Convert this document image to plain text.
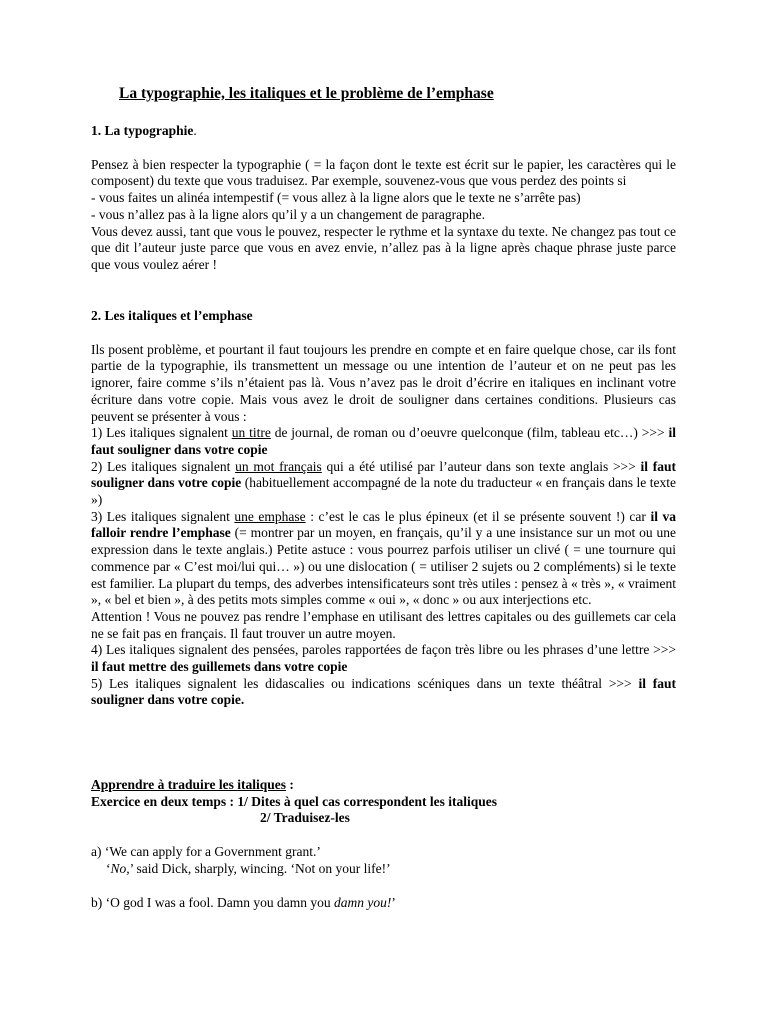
La typographie, les italiques et le problème de l’emphase

1. La typographie.

Pensez à bien respecter la typographie ( = la façon dont le texte est écrit sur le papier, les caractères qui le composent) du texte que vous traduisez. Par exemple, souvenez-vous que vous perdez des points si

- vous faites un alinéa intempestif (= vous allez à la ligne alors que le texte ne s’arrête pas)

- vous n’allez pas à la ligne alors qu’il y a un changement de paragraphe.

Vous devez aussi, tant que vous le pouvez, respecter le rythme et la syntaxe du texte. Ne changez pas tout ce que dit l’auteur juste parce que vous en avez envie, n’allez pas à la ligne après chaque phrase juste parce que vous voulez aérer !

2. Les italiques et l’emphase

Ils posent problème, et pourtant il faut toujours les prendre en compte et en faire quelque chose, car ils font partie de la typographie, ils transmettent un message ou une intention de l’auteur et on ne peut pas les ignorer, faire comme s’ils n’étaient pas là. Vous n’avez pas le droit d’écrire en italiques en inclinant votre écriture dans votre copie. Mais vous avez le droit de souligner dans certaines conditions. Plusieurs cas peuvent se présenter à vous :

1) Les italiques signalent un titre de journal, de roman ou d’oeuvre quelconque (film, tableau etc…) >>> il faut souligner dans votre copie

2) Les italiques signalent un mot français qui a été utilisé par l’auteur dans son texte anglais >>> il faut souligner dans votre copie (habituellement accompagné de la note du traducteur « en français dans le texte »)

3) Les italiques signalent une emphase : c’est le cas le plus épineux (et il se présente souvent !) car il va falloir rendre l’emphase (= montrer par un moyen, en français, qu’il y a une insistance sur un mot ou une expression dans le texte anglais.) Petite astuce : vous pourrez parfois utiliser un clivé ( = une tournure qui commence par « C’est moi/lui qui… ») ou une dislocation ( = utiliser 2 sujets ou 2 compléments) si le texte est familier. La plupart du temps, des adverbes intensificateurs sont très utiles : pensez à « très », « vraiment », « bel et bien », à des petits mots simples comme « oui », « donc » ou aux interjections etc.

Attention ! Vous ne pouvez pas rendre l’emphase en utilisant des lettres capitales ou des guillemets car cela ne se fait pas en français. Il faut trouver un autre moyen.

4) Les italiques signalent des pensées, paroles rapportées de façon très libre ou les phrases d’une lettre >>> il faut mettre des guillemets dans votre copie

5) Les italiques signalent les didascalies ou indications scéniques dans un texte théâtral >>> il faut souligner dans votre copie.

Apprendre à traduire les italiques :

Exercice en deux temps : 1/ Dites à quel cas correspondent les italiques

2/ Traduisez-les

a) ‘We can apply for a Government grant.’

‘No,’ said Dick, sharply, wincing. ‘Not on your life!’

b) ‘O god I was a fool. Damn you damn you damn you!’
